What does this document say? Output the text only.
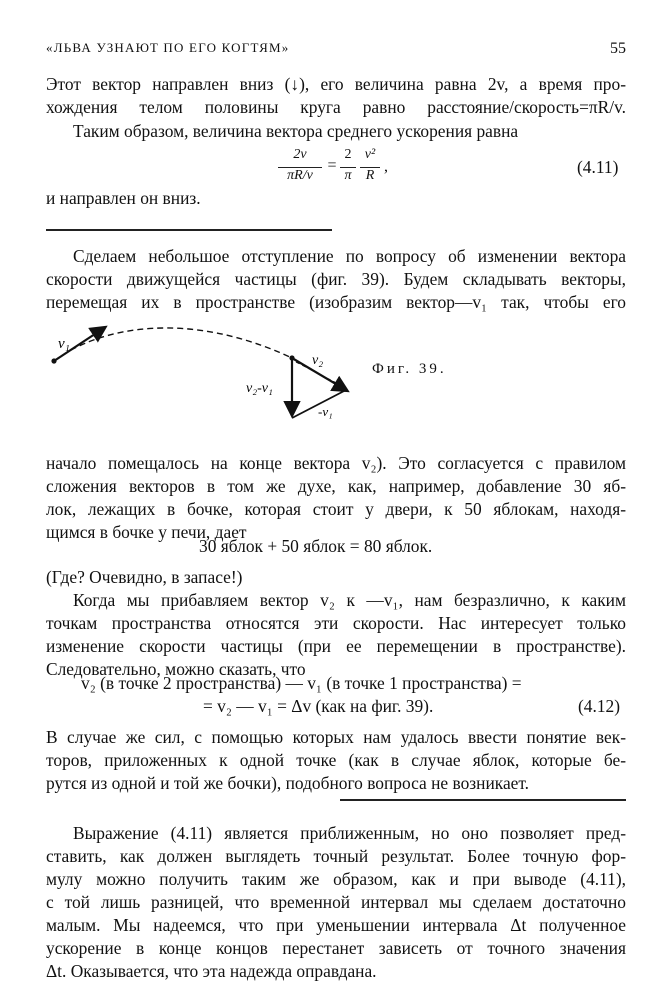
«ЛЬВА УЗНАЮТ ПО ЕГО КОГТЯМ»	55
Этот вектор направлен вниз (↓), его величина равна 2v, а время про-
хождения телом половины круга равно расстояние/скорость=πR/v.
Таким образом, величина вектора среднего ускорения равна
2v
πR/v
=
2
π
v²
R
,	(4.11)
и направлен он вниз.
Сделаем небольшое отступление по вопросу об изменении вектора
скорости движущейся частицы (фиг. 39). Будем складывать векторы,
перемещая их в пространстве (изобразим вектор—v₁ так, чтобы его
v₁
v₂
v₂-v₁
-v₁
Фиг. 39.
начало помещалось на конце вектора v₂). Это согласуется с правилом
сложения векторов в том же духе, как, например, добавление 30 яб-
лок, лежащих в бочке, которая стоит у двери, к 50 яблокам, находя-
щимся в бочке у печи, дает
30 яблок + 50 яблок = 80 яблок.
(Где? Очевидно, в запасе!)
Когда мы прибавляем вектор v₂ к —v₁, нам безразлично, к каким
точкам пространства относятся эти скорости. Нас интересует только
изменение скорости частицы (при ее перемещении в пространстве).
Следовательно, можно сказать, что
v₂ (в точке 2 пространства) — v₁ (в точке 1 пространства) =
= v₂ — v₁ = Δv (как на фиг. 39).	(4.12)
В случае же сил, с помощью которых нам удалось ввести понятие век-
торов, приложенных к одной точке (как в случае яблок, которые бе-
рутся из одной и той же бочки), подобного вопроса не возникает.
Выражение (4.11) является приближенным, но оно позволяет пред-
ставить, как должен выглядеть точный результат. Более точную фор-
мулу можно получить таким же образом, как и при выводе (4.11),
с той лишь разницей, что временной интервал мы сделаем достаточно
малым. Мы надеемся, что при уменьшении интервала Δt полученное
ускорение в конце концов перестанет зависеть от точного значения
Δt. Оказывается, что эта надежда оправдана.
